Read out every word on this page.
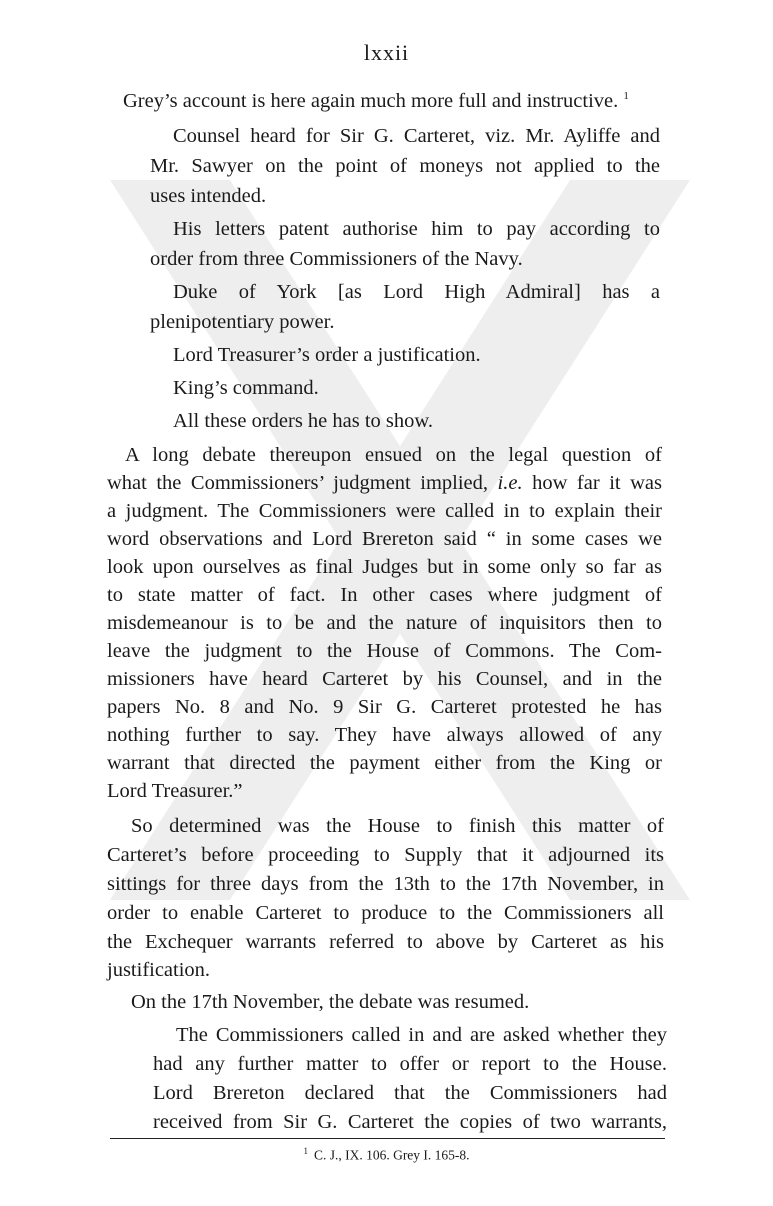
lxxii
Grey’s account is here again much more full and instructive. $^1$
Counsel heard for Sir G. Carteret, viz. Mr. Ayliffe and
Mr. Sawyer on the point of moneys not applied to the
uses intended.
His letters patent authorise him to pay according to
order from three Commissioners of the Navy.
Duke of York [as Lord High Admiral] has a
plenipotentiary power.
Lord Treasurer’s order a justification.
King’s command.
All these orders he has to show.
A long debate thereupon ensued on the legal question of
what the Commissioners’ judgment implied, i.e. how far it was
a judgment. The Commissioners were called in to explain their
word observations and Lord Brereton said “ in some cases we
look upon ourselves as final Judges but in some only so far as
to state matter of fact. In other cases where judgment of
misdemeanour is to be and the nature of inquisitors then to
leave the judgment to the House of Commons. The Com-
missioners have heard Carteret by his Counsel, and in the
papers No. 8 and No. 9 Sir G. Carteret protested he has
nothing further to say. They have always allowed of any
warrant that directed the payment either from the King or
Lord Treasurer.”
So determined was the House to finish this matter of
Carteret’s before proceeding to Supply that it adjourned its
sittings for three days from the 13th to the 17th November, in
order to enable Carteret to produce to the Commissioners all
the Exchequer warrants referred to above by Carteret as his
justification.
On the 17th November, the debate was resumed.
The Commissioners called in and are asked whether they
had any further matter to offer or report to the House.
Lord Brereton declared that the Commissioners had
received from Sir G. Carteret the copies of two warrants,
$^1$ C. J., IX. 106. Grey I. 165-8.
